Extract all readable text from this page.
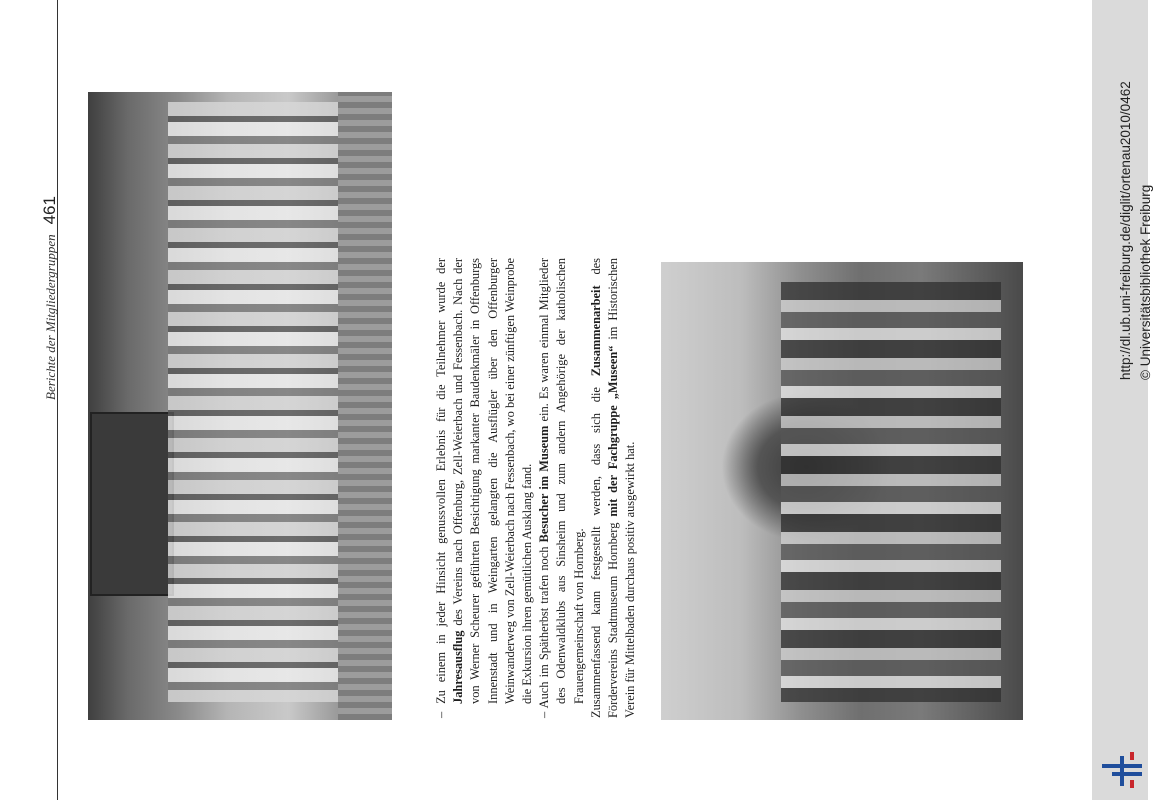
Berichte der Mitgliedergruppen
461

– Zu einem in jeder Hinsicht genussvollen Erlebnis für die Teilnehmer wurde der Jahresausflug des Vereins nach Offenburg, Zell-Weierbach und Fessenbach. Nach der von Werner Scheurer geführten Besichtigung markanter Baudenkmäler in Offenburgs Innenstadt und in Weingarten gelangten die Ausflügler über den Offenburger Weinwanderweg von Zell-Weierbach nach Fessenbach, wo bei einer zünftigen Weinprobe die Exkursion ihren gemütlichen Ausklang fand. – Auch im Spätherbst trafen noch Besucher im Museum ein. Es waren einmal Mitglieder des Odenwaldklubs aus Sinsheim und zum andern Angehörige der katholischen Frauengemeinschaft von Hornberg. Zusammenfassend kann festgestellt werden, dass sich die Zusammenarbeit des Fördervereins Stadtmuseum Hornberg mit der Fachgruppe „Museen“ im Historischen Verein für Mittelbaden durchaus positiv ausgewirkt hat.

http://dl.ub.uni-freiburg.de/diglit/ortenau2010/0462 © Universitätsbibliothek Freiburg
